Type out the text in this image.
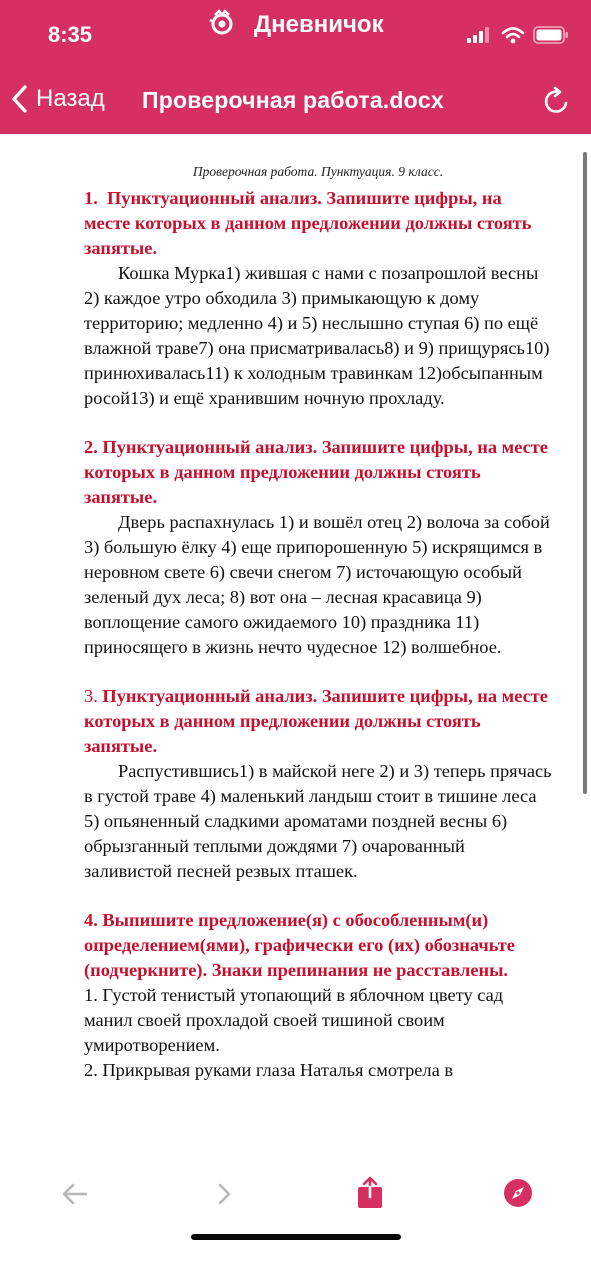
8:35	Дневничок
Назад Проверочная работа.docx

Проверочная работа. Пунктуация. 9 класс.

1. Пунктуационный анализ. Запишите цифры, на месте которых в данном предложении должны стоять запятые.

Кошка Мурка1) жившая с нами с позапрошлой весны 2) каждое утро обходила 3) примыкающую к дому территорию; медленно 4) и 5) неслышно ступая 6) по ещё влажной траве7) она присматривалась8) и 9) прищурясь10) принюхивалась11) к холодным травинкам 12)обсыпанным росой13) и ещё хранившим ночную прохладу.

2. Пунктуационный анализ. Запишите цифры, на месте которых в данном предложении должны стоять запятые.

Дверь распахнулась 1) и вошёл отец 2) волоча за собой 3) большую ёлку 4) еще припорошенную 5) искрящимся в неровном свете 6) свечи снегом 7) источающую особый зеленый дух леса; 8) вот она – лесная красавица 9) воплощение самого ожидаемого 10) праздника 11) приносящего в жизнь нечто чудесное 12) волшебное.

3. Пунктуационный анализ. Запишите цифры, на месте которых в данном предложении должны стоять запятые.

Распустившись1) в майской неге 2) и 3) теперь прячась в густой траве 4) маленький ландыш стоит в тишине леса 5) опьяненный сладкими ароматами поздней весны 6) обрызганный теплыми дождями 7) очарованный заливистой песней резвых пташек.

4. Выпишите предложение(я) с обособленным(и) определением(ями), графически его (их) обозначьте (подчеркните). Знаки препинания не расставлены.

1. Густой тенистый утопающий в яблочном цвету сад манил своей прохладой своей тишиной своим умиротворением.

2. Прикрывая руками глаза Наталья смотрела в
